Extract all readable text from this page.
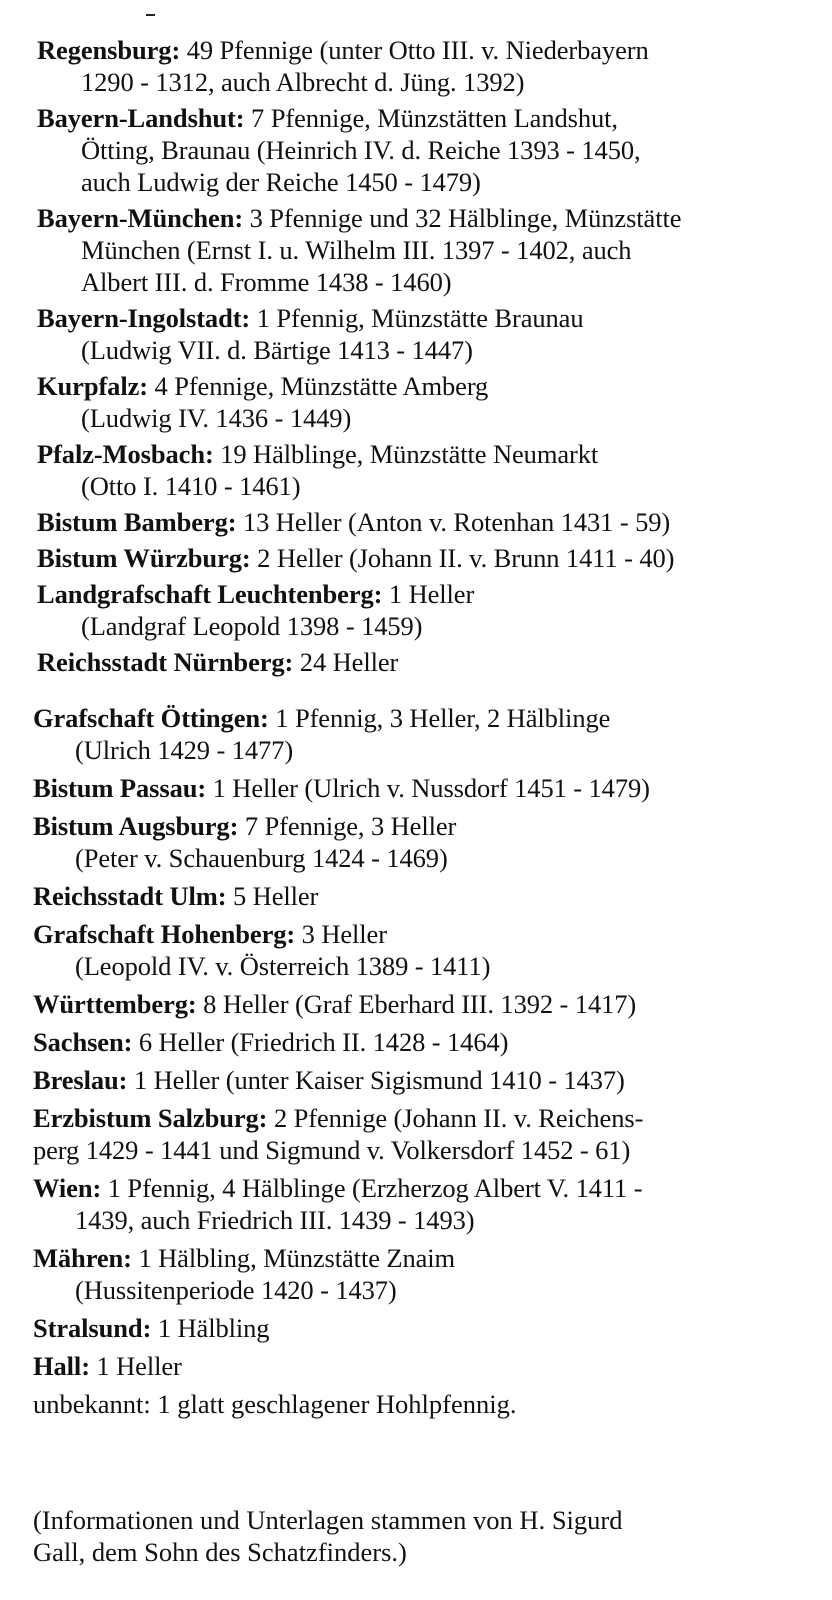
Regensburg: 49 Pfennige (unter Otto III. v. Niederbayern
1290 - 1312, auch Albrecht d. Jüng. 1392)
Bayern-Landshut: 7 Pfennige, Münzstätten Landshut,
Ötting, Braunau (Heinrich IV. d. Reiche 1393 - 1450,
auch Ludwig der Reiche 1450 - 1479)
Bayern-München: 3 Pfennige und 32 Hälblinge, Münzstätte
München (Ernst I. u. Wilhelm III. 1397 - 1402, auch
Albert III. d. Fromme 1438 - 1460)
Bayern-Ingolstadt: 1 Pfennig, Münzstätte Braunau
(Ludwig VII. d. Bärtige 1413 - 1447)
Kurpfalz: 4 Pfennige, Münzstätte Amberg
(Ludwig IV. 1436 - 1449)
Pfalz-Mosbach: 19 Hälblinge, Münzstätte Neumarkt
(Otto I. 1410 - 1461)
Bistum Bamberg: 13 Heller (Anton v. Rotenhan 1431 - 59)
Bistum Würzburg: 2 Heller (Johann II. v. Brunn 1411 - 40)
Landgrafschaft Leuchtenberg: 1 Heller
(Landgraf Leopold 1398 - 1459)
Reichsstadt Nürnberg: 24 Heller
Grafschaft Öttingen: 1 Pfennig, 3 Heller, 2 Hälblinge
(Ulrich 1429 - 1477)
Bistum Passau: 1 Heller (Ulrich v. Nussdorf 1451 - 1479)
Bistum Augsburg: 7 Pfennige, 3 Heller
(Peter v. Schauenburg 1424 - 1469)
Reichsstadt Ulm: 5 Heller
Grafschaft Hohenberg: 3 Heller
(Leopold IV. v. Österreich 1389 - 1411)
Württemberg: 8 Heller (Graf Eberhard III. 1392 - 1417)
Sachsen: 6 Heller (Friedrich II. 1428 - 1464)
Breslau: 1 Heller (unter Kaiser Sigismund 1410 - 1437)
Erzbistum Salzburg: 2 Pfennige (Johann II. v. Reichens-
perg 1429 - 1441 und Sigmund v. Volkersdorf 1452 - 61)
Wien: 1 Pfennig, 4 Hälblinge (Erzherzog Albert V. 1411 -
1439, auch Friedrich III. 1439 - 1493)
Mähren: 1 Hälbling, Münzstätte Znaim
(Hussitenperiode 1420 - 1437)
Stralsund: 1 Hälbling
Hall: 1 Heller
unbekannt: 1 glatt geschlagener Hohlpfennig.
(Informationen und Unterlagen stammen von H. Sigurd
Gall, dem Sohn des Schatzfinders.)
